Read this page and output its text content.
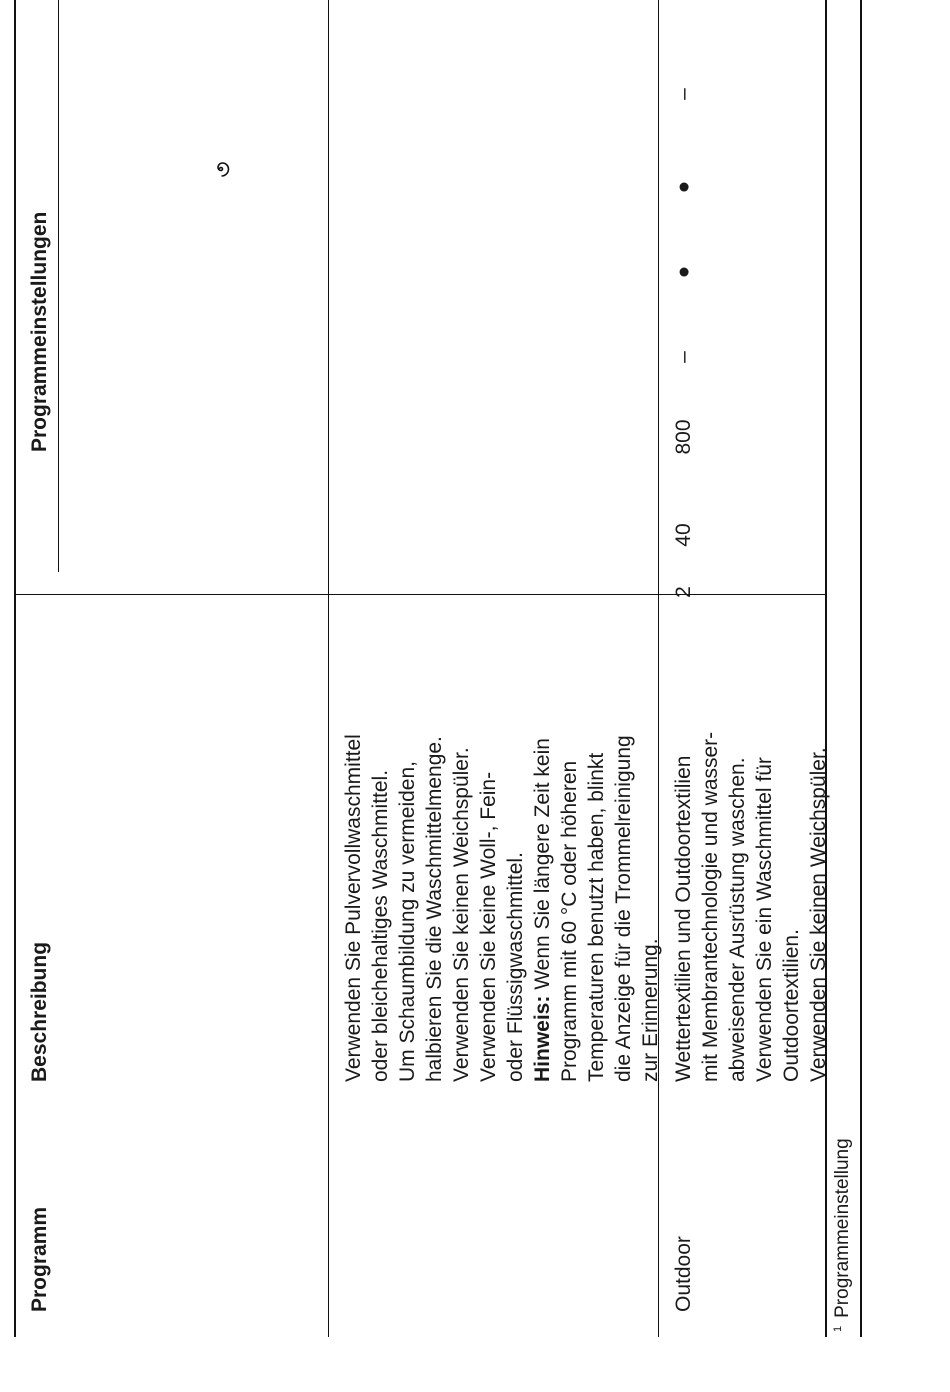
Programm
Beschreibung
Programmeinstellungen
Verwenden Sie Pulvervollwaschmittel oder bleichehaltiges Waschmittel. Um Schaumbildung zu vermeiden, halbieren Sie die Waschmittelmenge. Verwenden Sie keinen Weichspüler. Verwenden Sie keine Woll-, Fein- oder Flüssigwaschmittel. Hinweis: Wenn Sie längere Zeit kein Programm mit 60 °C oder höheren Temperaturen benutzt haben, blinkt die Anzeige für die Trommelreinigung zur Erinnerung.
Outdoor
Wettertextilien und Outdoortextilien mit Membrantechnologie und wasser- abweisender Ausrüstung waschen. Verwenden Sie ein Waschmittel für Outdoortextilien. Verwenden Sie keinen Weichspüler.
2
40
800
–
●
●
–
$^1$Programmeinstellung
